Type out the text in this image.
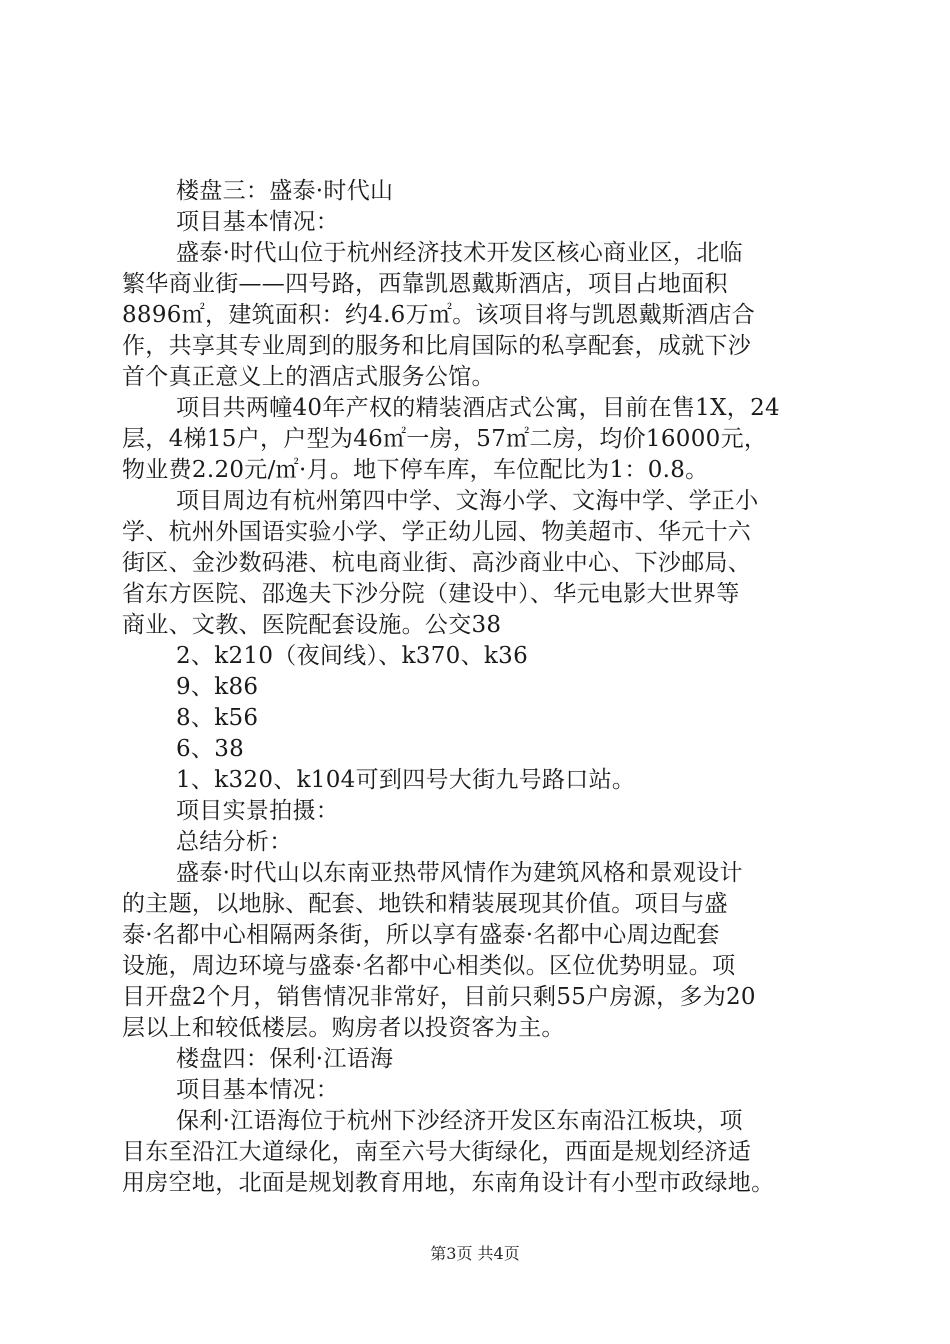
楼盘三：盛泰·时代山
项目基本情况：
盛泰·时代山位于杭州经济技术开发区核心商业区，北临
繁华商业街——四号路，西靠凯恩戴斯酒店，项目占地面积
8896㎡，建筑面积：约4.6万㎡。该项目将与凯恩戴斯酒店合
作，共享其专业周到的服务和比肩国际的私享配套，成就下沙
首个真正意义上的酒店式服务公馆。
项目共两幢40年产权的精装酒店式公寓，目前在售1X，24
层，4梯15户，户型为46㎡一房，57㎡二房，均价16000元，
物业费2.20元/㎡·月。地下停车库，车位配比为1：0.8。
项目周边有杭州第四中学、文海小学、文海中学、学正小
学、杭州外国语实验小学、学正幼儿园、物美超市、华元十六
街区、金沙数码港、杭电商业街、高沙商业中心、下沙邮局、
省东方医院、邵逸夫下沙分院（建设中）、华元电影大世界等
商业、文教、医院配套设施。公交38
2、k210（夜间线）、k370、k36
9、k86
8、k56
6、38
1、k320、k104可到四号大街九号路口站。
项目实景拍摄：
总结分析：
盛泰·时代山以东南亚热带风情作为建筑风格和景观设计
的主题，以地脉、配套、地铁和精装展现其价值。项目与盛
泰·名都中心相隔两条街，所以享有盛泰·名都中心周边配套
设施，周边环境与盛泰·名都中心相类似。区位优势明显。项
目开盘2个月，销售情况非常好，目前只剩55户房源，多为20
层以上和较低楼层。购房者以投资客为主。
楼盘四：保利·江语海
项目基本情况：
保利·江语海位于杭州下沙经济开发区东南沿江板块，项
目东至沿江大道绿化，南至六号大街绿化，西面是规划经济适
用房空地，北面是规划教育用地，东南角设计有小型市政绿地。
第3页 共4页
